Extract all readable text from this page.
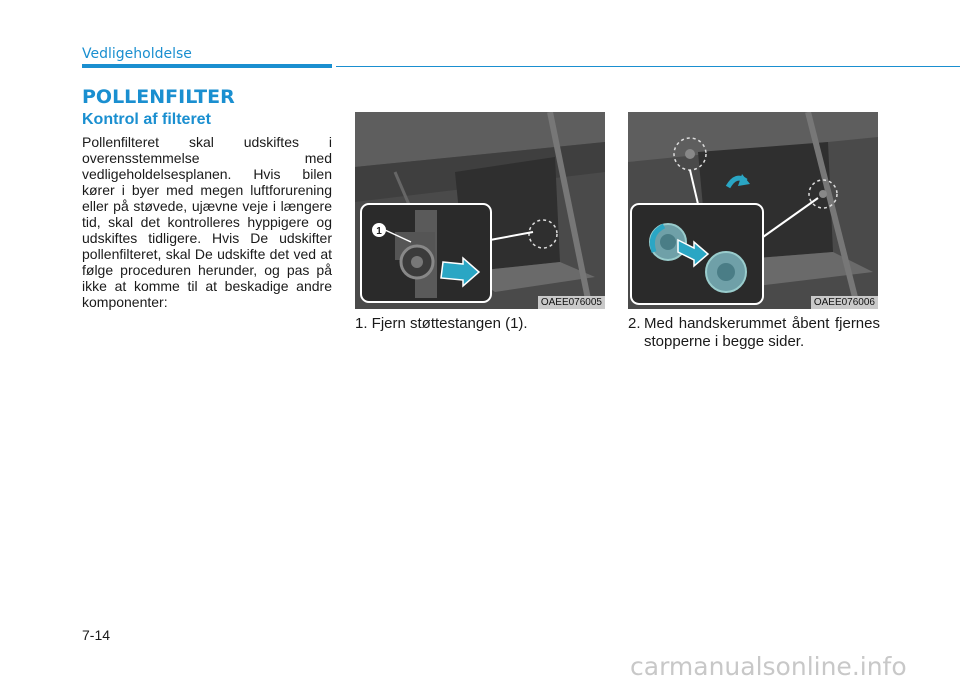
Vedligeholdelse
POLLENFILTER
Kontrol af filteret
Pollenfilteret skal udskiftes i overensstemmelse med vedligeholdelsesplanen. Hvis bilen kører i byer med megen luftforurening eller på støvede, ujævne veje i længere tid, skal det kontrolleres hyppigere og udskiftes tidligere. Hvis De udskifter pollenfilteret, skal De udskifte det ved at følge proceduren herunder, og pas på ikke at komme til at beskadige andre komponenter:
1
OAEE076005	OAEE076006
1. Fjern støttestangen (1).	2. Med handskerummet åbent fjernes stopperne i begge sider.
7-14
carmanualsonline.info
